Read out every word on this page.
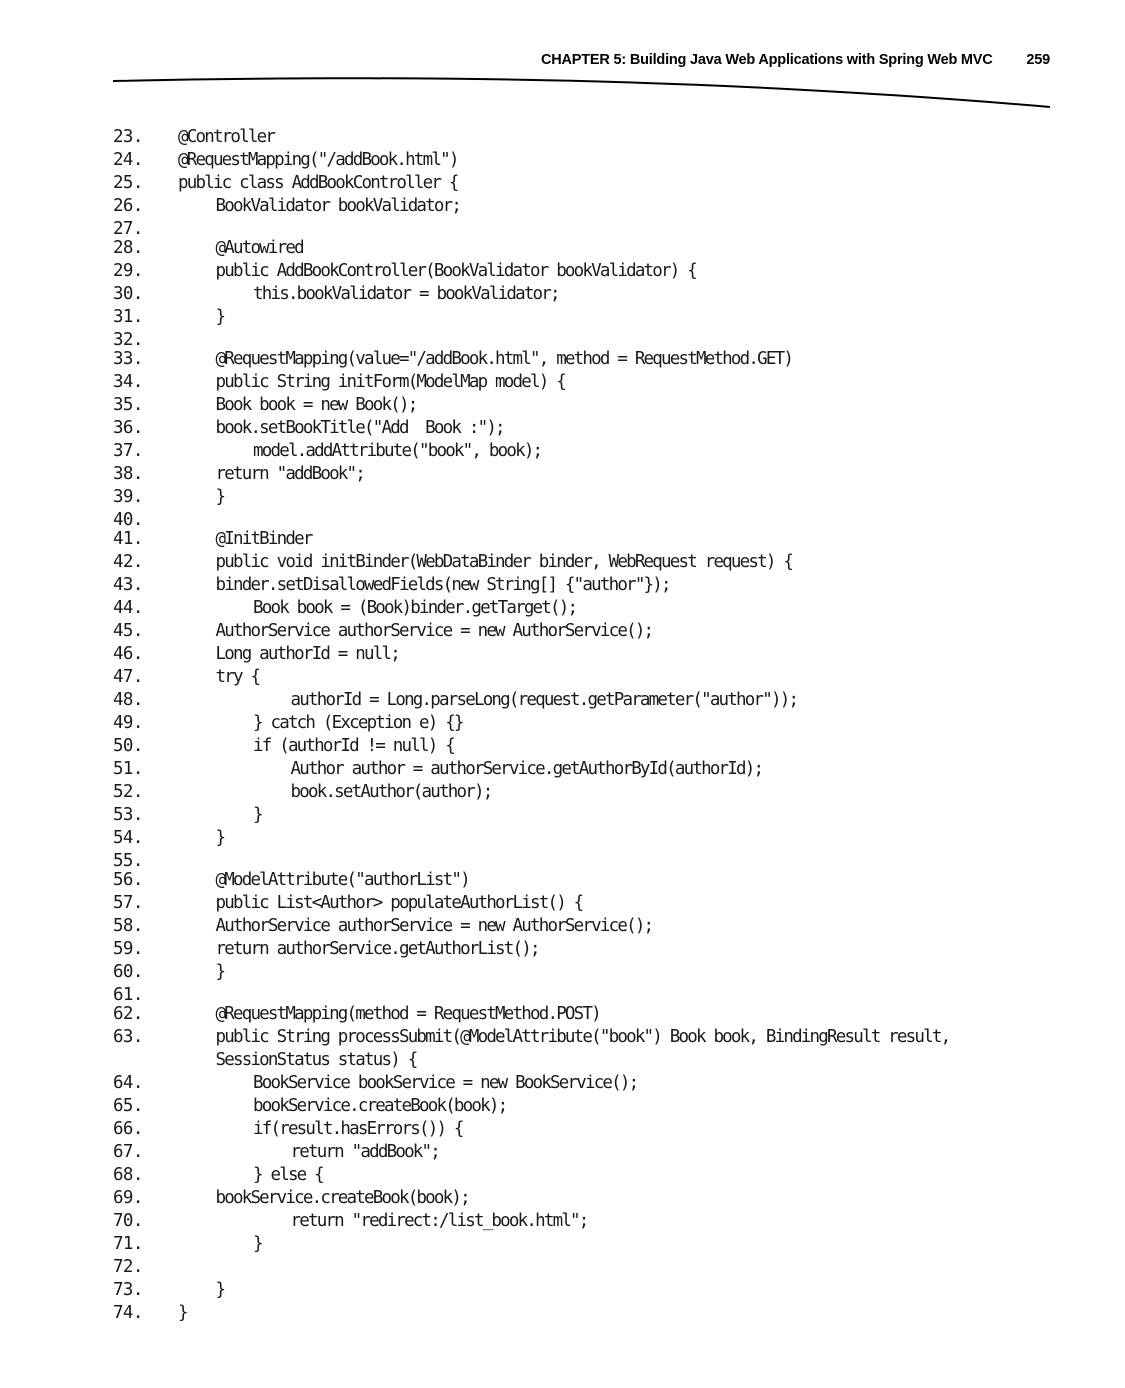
CHAPTER 5: Building Java Web Applications with Spring Web MVC 259
23. @Controller
24. @RequestMapping("/addBook.html")
25. public class AddBookController {
26.	BookValidator bookValidator;
27.
28.	@Autowired
29.	public AddBookController(BookValidator bookValidator) {
30.	this.bookValidator = bookValidator;
31.	}
32.
33.	@RequestMapping(value="/addBook.html", method = RequestMethod.GET)
34.	public String initForm(ModelMap model) {
35.	Book book = new Book();
36.	book.setBookTitle("Add  Book :");
37.	model.addAttribute("book", book);
38.	return "addBook";
39.	}
40.
41.	@InitBinder
42.	public void initBinder(WebDataBinder binder, WebRequest request) {
43.	binder.setDisallowedFields(new String[] {"author"});
44.	Book book = (Book)binder.getTarget();
45.	AuthorService authorService = new AuthorService();
46.	Long authorId = null;
47.	try {
48.	authorId = Long.parseLong(request.getParameter("author"));
49.	} catch (Exception e) {}
50.	if (authorId != null) {
51.	Author author = authorService.getAuthorById(authorId);
52.	book.setAuthor(author);
53.	}
54.	}
55.
56.	@ModelAttribute("authorList")
57.	public List<Author> populateAuthorList() {
58.	AuthorService authorService = new AuthorService();
59.	return authorService.getAuthorList();
60.	}
61.
62.	@RequestMapping(method = RequestMethod.POST)
63.	public String processSubmit(@ModelAttribute("book") Book book, BindingResult result,
SessionStatus status) {
64.	BookService bookService = new BookService();
65.	bookService.createBook(book);
66.	if(result.hasErrors()) {
67.	return "addBook";
68.	} else {
69.	bookService.createBook(book);
70.	return "redirect:/list_book.html";
71.	}
72.
73.	}
74. }
